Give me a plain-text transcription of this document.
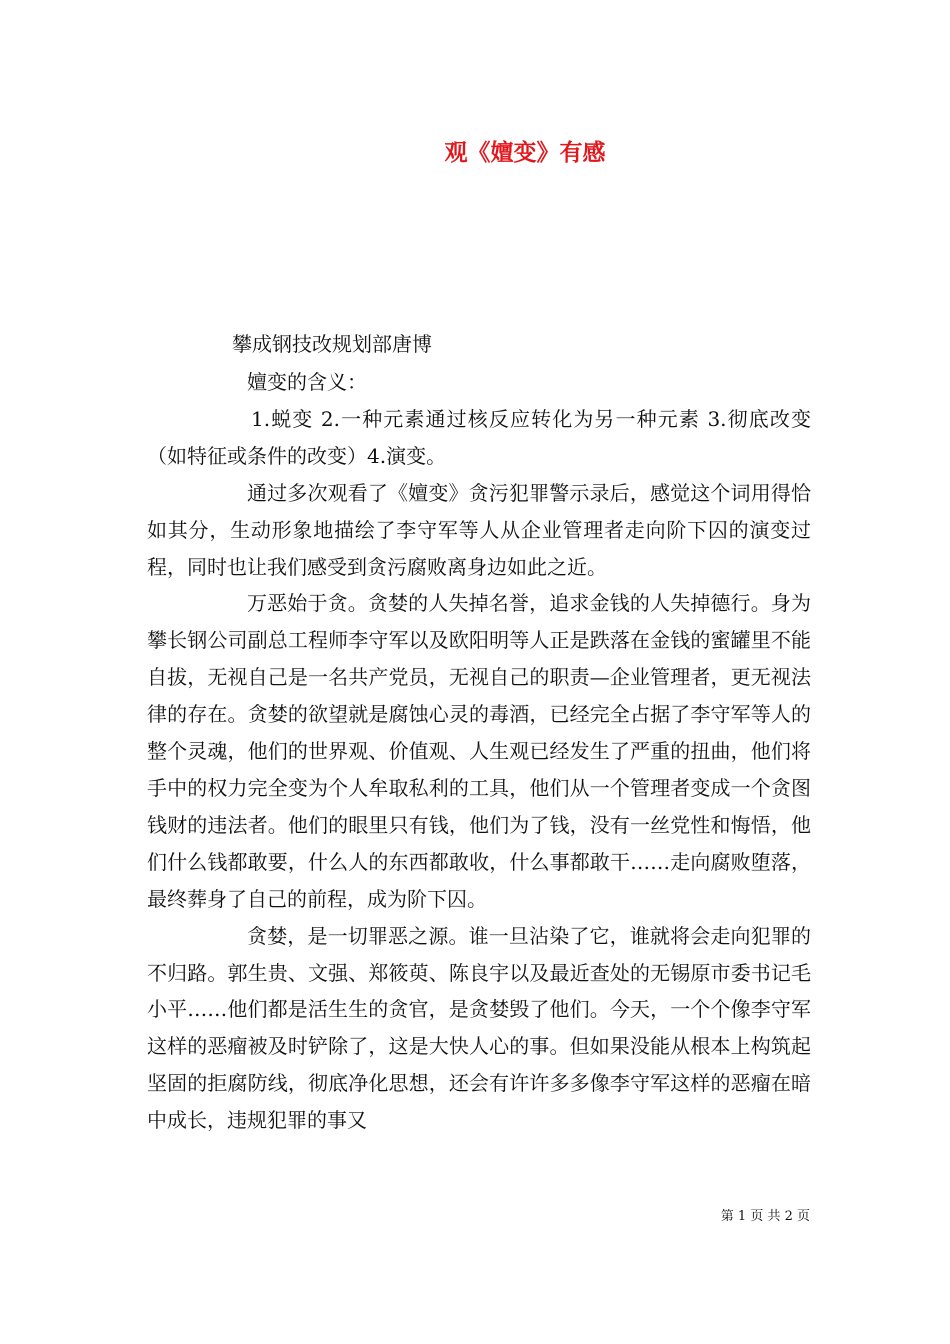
观《嬗变》有感

攀成钢技改规划部唐博

嬗变的含义：

1.蜕变 2.一种元素通过核反应转化为另一种元素 3.彻底改变（如特征或条件的改变）4.演变。

通过多次观看了《嬗变》贪污犯罪警示录后，感觉这个词用得恰如其分，生动形象地描绘了李守军等人从企业管理者走向阶下囚的演变过程，同时也让我们感受到贪污腐败离身边如此之近。

万恶始于贪。贪婪的人失掉名誉，追求金钱的人失掉德行。身为攀长钢公司副总工程师李守军以及欧阳明等人正是跌落在金钱的蜜罐里不能自拔，无视自己是一名共产党员，无视自己的职责—企业管理者，更无视法律的存在。贪婪的欲望就是腐蚀心灵的毒酒，已经完全占据了李守军等人的整个灵魂，他们的世界观、价值观、人生观已经发生了严重的扭曲，他们将手中的权力完全变为个人牟取私利的工具，他们从一个管理者变成一个贪图钱财的违法者。他们的眼里只有钱，他们为了钱，没有一丝党性和悔悟，他们什么钱都敢要，什么人的东西都敢收，什么事都敢干……走向腐败堕落，最终葬身了自己的前程，成为阶下囚。

贪婪，是一切罪恶之源。谁一旦沾染了它，谁就将会走向犯罪的不归路。郭生贵、文强、郑筱萸、陈良宇以及最近查处的无锡原市委书记毛小平……他们都是活生生的贪官，是贪婪毁了他们。今天，一个个像李守军这样的恶瘤被及时铲除了，这是大快人心的事。但如果没能从根本上构筑起坚固的拒腐防线，彻底净化思想，还会有许许多多像李守军这样的恶瘤在暗中成长，违规犯罪的事又

第 1 页 共 2 页
